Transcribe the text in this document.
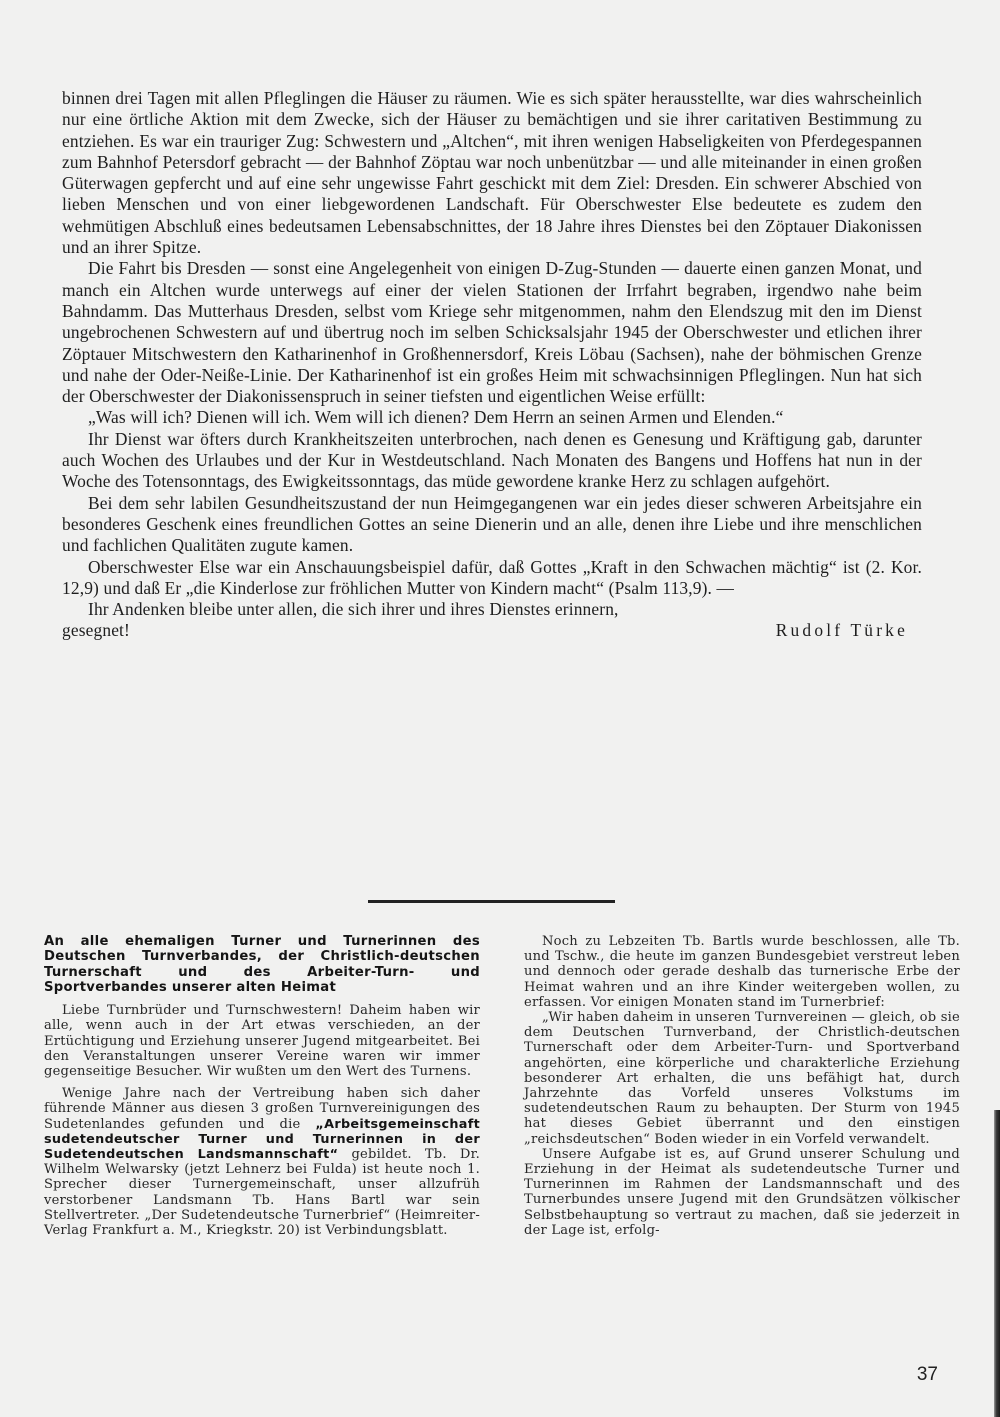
binnen drei Tagen mit allen Pfleglingen die Häuser zu räumen. Wie es sich später herausstellte, war dies wahrscheinlich nur eine örtliche Aktion mit dem Zwecke, sich der Häuser zu bemächtigen und sie ihrer caritativen Bestimmung zu entziehen. Es war ein trauriger Zug: Schwestern und „Altchen“, mit ihren wenigen Habseligkeiten von Pferdegespannen zum Bahnhof Petersdorf gebracht — der Bahnhof Zöptau war noch unbenützbar — und alle miteinander in einen großen Güterwagen gepfercht und auf eine sehr ungewisse Fahrt geschickt mit dem Ziel: Dresden. Ein schwerer Abschied von lieben Menschen und von einer liebgewordenen Landschaft. Für Oberschwester Else bedeutete es zudem den wehmütigen Abschluß eines bedeutsamen Lebensabschnittes, der 18 Jahre ihres Dienstes bei den Zöptauer Diakonissen und an ihrer Spitze.

Die Fahrt bis Dresden — sonst eine Angelegenheit von einigen D-Zug-Stunden — dauerte einen ganzen Monat, und manch ein Altchen wurde unterwegs auf einer der vielen Stationen der Irrfahrt begraben, irgendwo nahe beim Bahndamm. Das Mutterhaus Dresden, selbst vom Kriege sehr mitgenommen, nahm den Elendszug mit den im Dienst ungebrochenen Schwestern auf und übertrug noch im selben Schicksalsjahr 1945 der Oberschwester und etlichen ihrer Zöptauer Mitschwestern den Katharinenhof in Großhennersdorf, Kreis Löbau (Sachsen), nahe der böhmischen Grenze und nahe der Oder-Neiße-Linie. Der Katharinenhof ist ein großes Heim mit schwachsinnigen Pfleglingen. Nun hat sich der Oberschwester der Diakonissenspruch in seiner tiefsten und eigentlichen Weise erfüllt:

„Was will ich? Dienen will ich. Wem will ich dienen? Dem Herrn an seinen Armen und Elenden.“

Ihr Dienst war öfters durch Krankheitszeiten unterbrochen, nach denen es Genesung und Kräftigung gab, darunter auch Wochen des Urlaubes und der Kur in Westdeutschland. Nach Monaten des Bangens und Hoffens hat nun in der Woche des Totensonntags, des Ewigkeitssonntags, das müde gewordene kranke Herz zu schlagen aufgehört.

Bei dem sehr labilen Gesundheitszustand der nun Heimgegangenen war ein jedes dieser schweren Arbeitsjahre ein besonderes Geschenk eines freundlichen Gottes an seine Dienerin und an alle, denen ihre Liebe und ihre menschlichen und fachlichen Qualitäten zugute kamen.

Oberschwester Else war ein Anschauungsbeispiel dafür, daß Gottes „Kraft in den Schwachen mächtig“ ist (2. Kor. 12,9) und daß Er „die Kinderlose zur fröhlichen Mutter von Kindern macht“ (Psalm 113,9). —

Ihr Andenken bleibe unter allen, die sich ihrer und ihres Dienstes erinnern,

gesegnet!	Rudolf Türke
An alle ehemaligen Turner und Turnerinnen des Deutschen Turnverbandes, der Christlich-deutschen Turnerschaft und des Arbeiter-Turn- und Sportverbandes unserer alten Heimat

Liebe Turnbrüder und Turnschwestern! Daheim haben wir alle, wenn auch in der Art etwas verschieden, an der Ertüchtigung und Erziehung unserer Jugend mitgearbeitet. Bei den Veranstaltungen unserer Vereine waren wir immer gegenseitige Besucher. Wir wußten um den Wert des Turnens.

Wenige Jahre nach der Vertreibung haben sich daher führende Männer aus diesen 3 großen Turnvereinigungen des Sudetenlandes gefunden und die „Arbeitsgemeinschaft sudetendeutscher Turner und Turnerinnen in der Sudetendeutschen Landsmannschaft“ gebildet. Tb. Dr. Wilhelm Welwarsky (jetzt Lehnerz bei Fulda) ist heute noch 1. Sprecher dieser Turnergemeinschaft, unser allzufrüh verstorbener Landsmann Tb. Hans Bartl war sein Stellvertreter. „Der Sudetendeutsche Turnerbrief“ (Heimreiter-Verlag Frankfurt a. M., Kriegkstr. 20) ist Verbindungsblatt.

Noch zu Lebzeiten Tb. Bartls wurde beschlossen, alle Tb. und Tschw., die heute im ganzen Bundesgebiet verstreut leben und dennoch oder gerade deshalb das turnerische Erbe der Heimat wahren und an ihre Kinder weitergeben wollen, zu erfassen. Vor einigen Monaten stand im Turnerbrief:

„Wir haben daheim in unseren Turnvereinen — gleich, ob sie dem Deutschen Turnverband, der Christlich-deutschen Turnerschaft oder dem Arbeiter-Turn- und Sportverband angehörten, eine körperliche und charakterliche Erziehung besonderer Art erhalten, die uns befähigt hat, durch Jahrzehnte das Vorfeld unseres Volkstums im sudetendeutschen Raum zu behaupten. Der Sturm von 1945 hat dieses Gebiet überrannt und den einstigen „reichsdeutschen“ Boden wieder in ein Vorfeld verwandelt.

Unsere Aufgabe ist es, auf Grund unserer Schulung und Erziehung in der Heimat als sudetendeutsche Turner und Turnerinnen im Rahmen der Landsmannschaft und des Turnerbundes unsere Jugend mit den Grundsätzen völkischer Selbstbehauptung so vertraut zu machen, daß sie jederzeit in der Lage ist, erfolg-

37
